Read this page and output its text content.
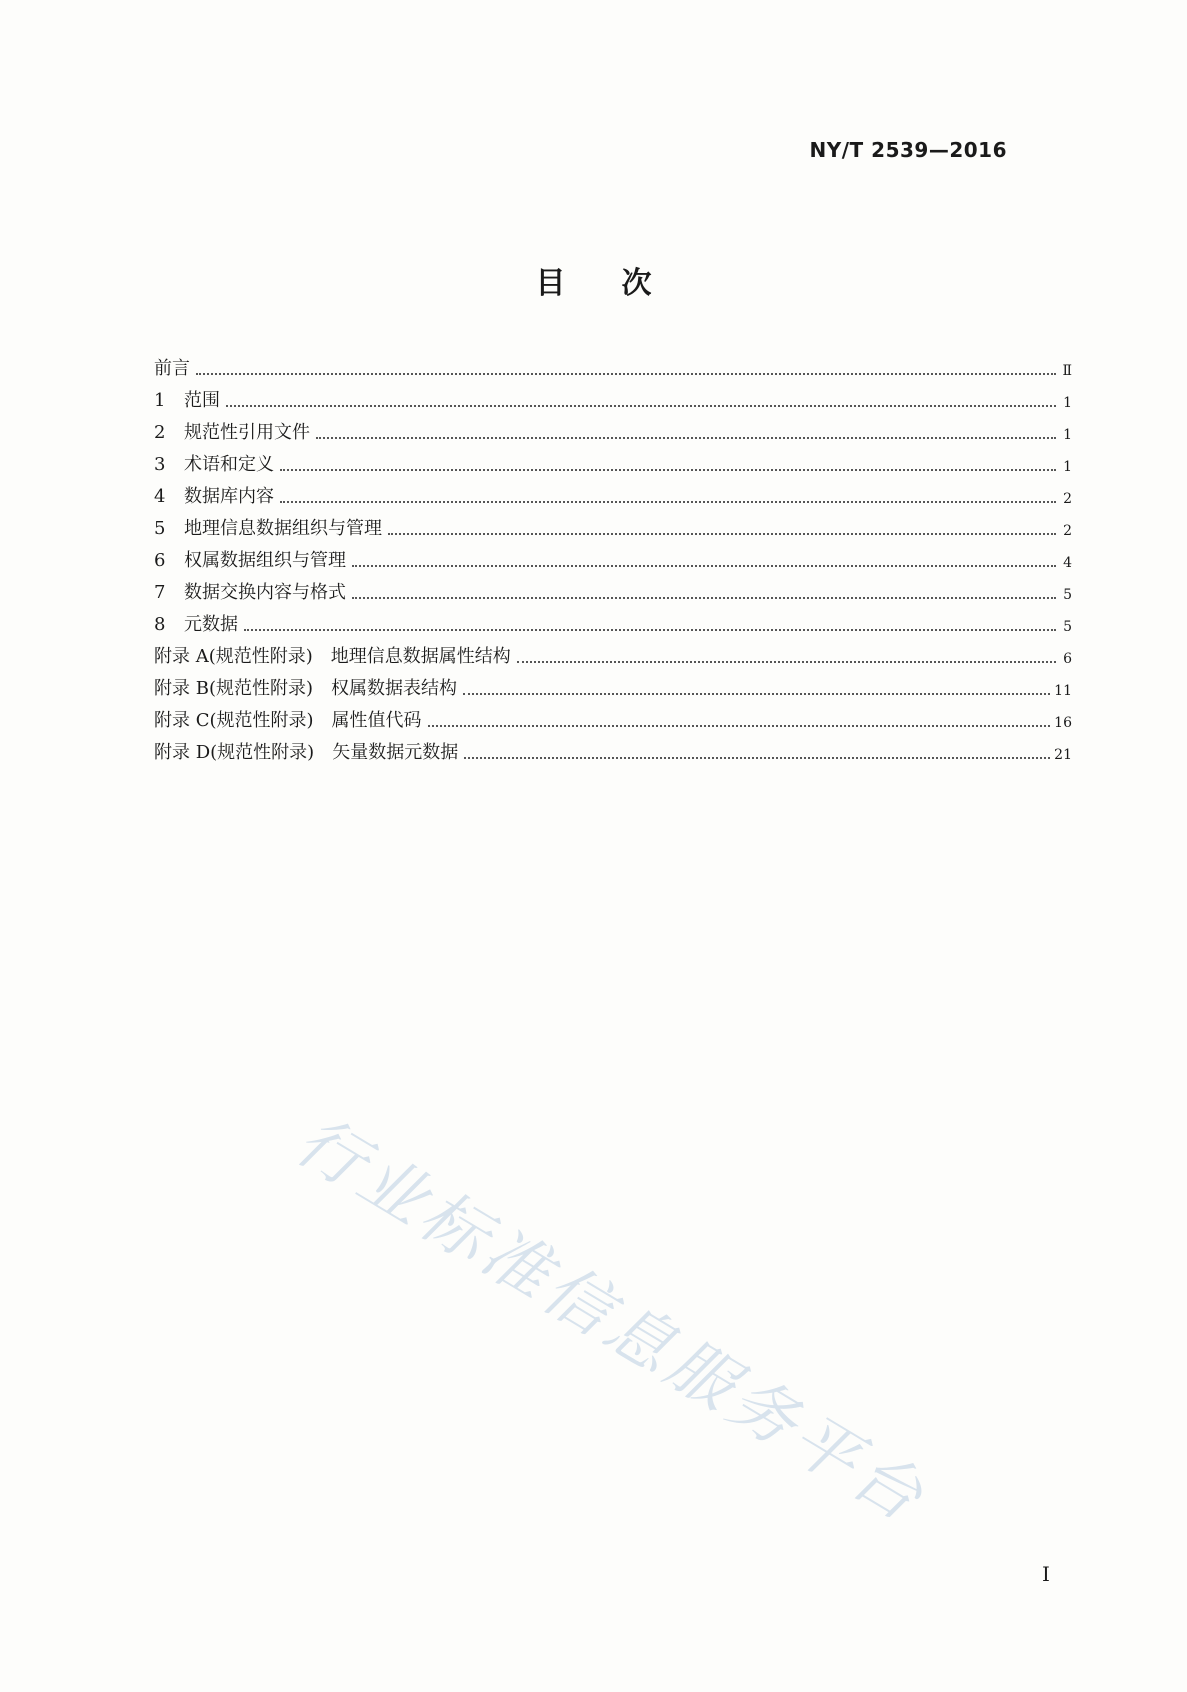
NY/T 2539—2016
目次
前言	Ⅱ
1	范围	1
2	规范性引用文件	1
3	术语和定义	1
4	数据库内容	2
5	地理信息数据组织与管理	2
6	权属数据组织与管理	4
7	数据交换内容与格式	5
8	元数据	5
附录 A(规范性附录)　地理信息数据属性结构	6
附录 B(规范性附录)　权属数据表结构	11
附录 C(规范性附录)　属性值代码	16
附录 D(规范性附录)　矢量数据元数据	21
行业标准信息服务平台
I
